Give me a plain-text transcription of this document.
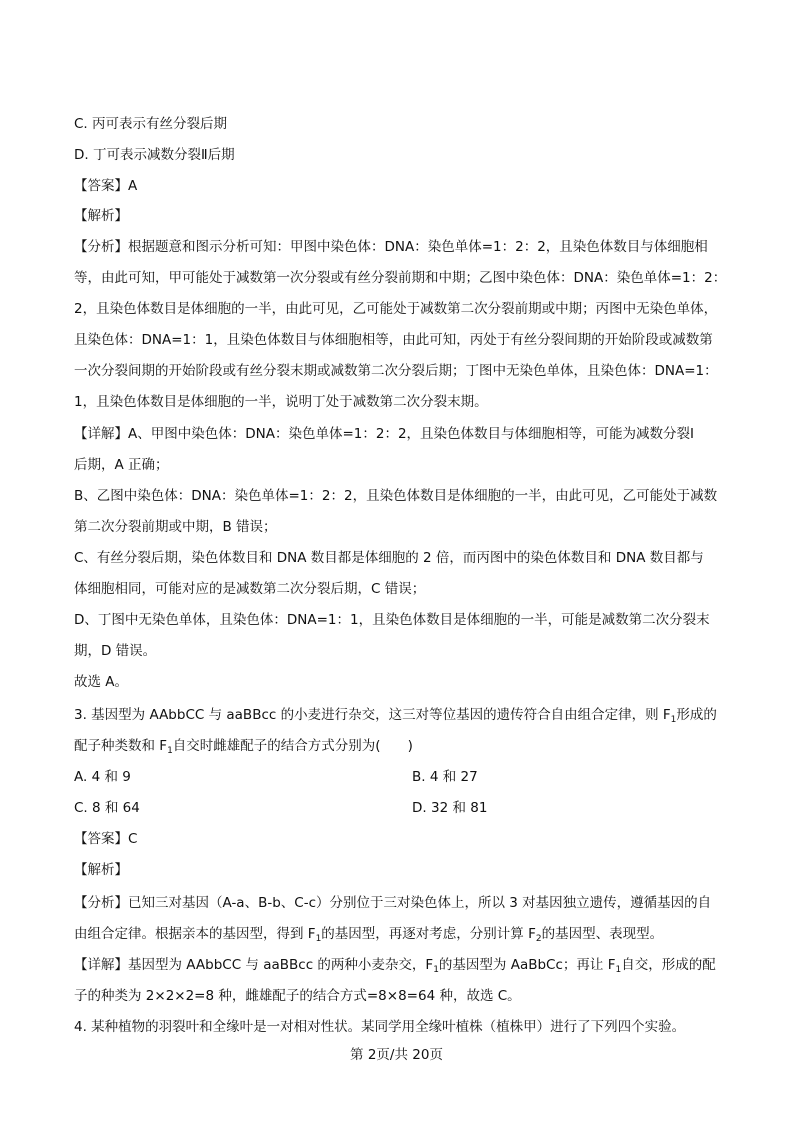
C. 丙可表示有丝分裂后期
D. 丁可表示减数分裂Ⅱ后期
【答案】A
【解析】
【分析】根据题意和图示分析可知：甲图中染色体：DNA：染色单体=1：2：2，且染色体数目与体细胞相
等，由此可知，甲可能处于减数第一次分裂或有丝分裂前期和中期；乙图中染色体：DNA：染色单体=1：2：
2，且染色体数目是体细胞的一半，由此可见，乙可能处于减数第二次分裂前期或中期；丙图中无染色单体，
且染色体：DNA=1：1，且染色体数目与体细胞相等，由此可知，丙处于有丝分裂间期的开始阶段或减数第
一次分裂间期的开始阶段或有丝分裂末期或减数第二次分裂后期；丁图中无染色单体，且染色体：DNA=1：
1，且染色体数目是体细胞的一半，说明丁处于减数第二次分裂末期。
【详解】A、甲图中染色体：DNA：染色单体=1：2：2，且染色体数目与体细胞相等，可能为减数分裂Ⅰ
后期，A 正确；
B、乙图中染色体：DNA：染色单体=1：2：2，且染色体数目是体细胞的一半，由此可见，乙可能处于减数
第二次分裂前期或中期，B 错误；
C、有丝分裂后期，染色体数目和 DNA 数目都是体细胞的 2 倍，而丙图中的染色体数目和 DNA 数目都与
体细胞相同，可能对应的是减数第二次分裂后期，C 错误；
D、丁图中无染色单体，且染色体：DNA=1：1，且染色体数目是体细胞的一半，可能是减数第二次分裂末
期，D 错误。
故选 A。
3. 基因型为 AAbbCC 与 aaBBcc 的小麦进行杂交，这三对等位基因的遗传符合自由组合定律，则 $F_1$形成的
配子种类数和 $F_1$自交时雌雄配子的结合方式分别为(　　)
A. 4 和 9	B. 4 和 27
C. 8 和 64	D. 32 和 81
【答案】C
【解析】
【分析】已知三对基因（A-a、B-b、C-c）分别位于三对染色体上，所以 3 对基因独立遗传，遵循基因的自
由组合定律。根据亲本的基因型，得到 $F_1$的基因型，再逐对考虑，分别计算 $F_2$的基因型、表现型。
【详解】基因型为 AAbbCC 与 aaBBcc 的两种小麦杂交，$F_1$的基因型为 AaBbCc；再让 $F_1$自交，形成的配
子的种类为 2×2×2=8 种，雌雄配子的结合方式=8×8=64 种，故选 C。
4. 某种植物的羽裂叶和全缘叶是一对相对性状。某同学用全缘叶植株（植株甲）进行了下列四个实验。
第 2页/共 20页
